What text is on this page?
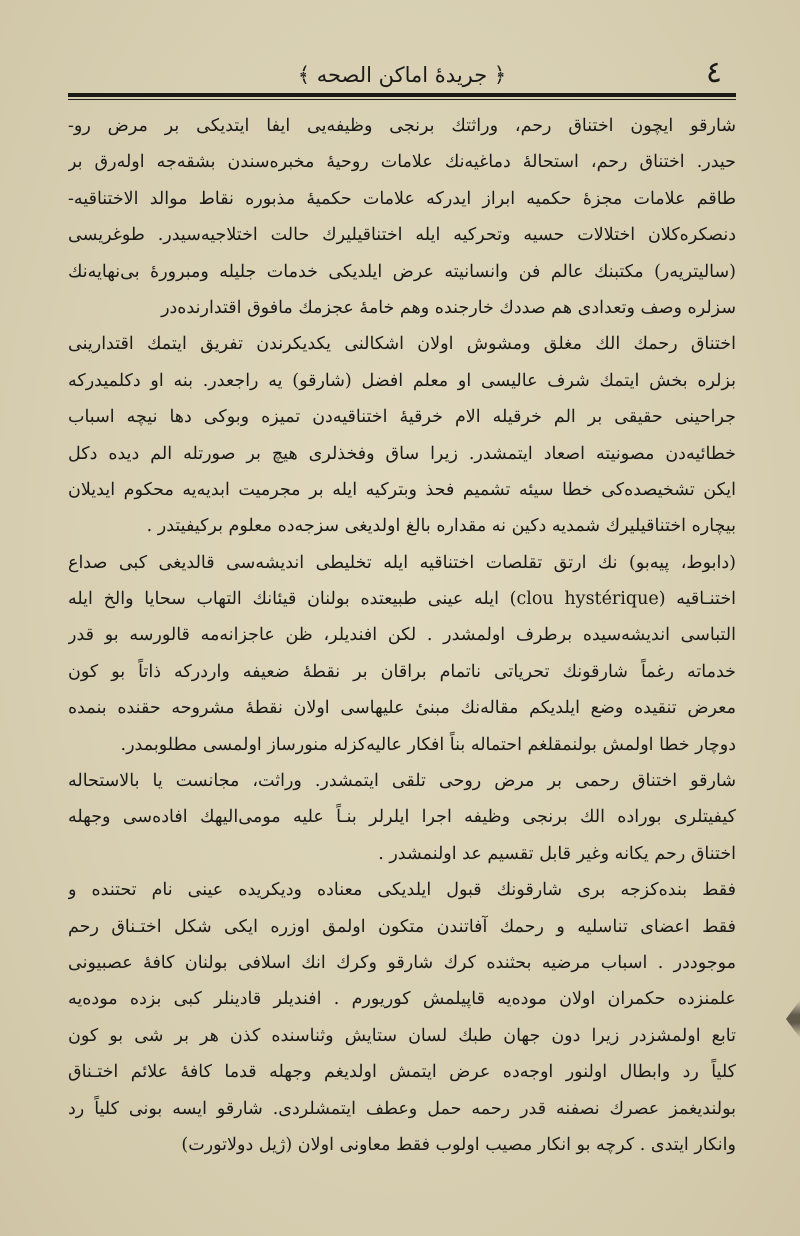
﴿ جريدهٔ اماكن الصحه ﴾	٤
شارقو ايچون اختناق رحم، وراثتك برنجى وظيفه‌يى ايفا ايتديكى بر مرض رو-
حيدر. اختناق رحم، استحالهٔ دماغيه‌نك علامات روحيهٔ مخبره‌سندن بشقه‌جه اوله‌رق بر
طاقم علامات مجزهٔ حكميه ابراز ايدركه علامات حكميهٔ مذبوره نقاط موالد الاختناقيه-
دنصكره‌كلان اختلالات حسيه وتحركيه ايله اختناقيليرك حالت اختلاجيه‌سيدر. طوغريسى
(ساليتريه‌ر) مكتبنك عالم فن وانسانيته عرض ايلديكى خدمات جليله ومبرورهٔ بى‌نهايه‌نك
سزلره وصف وتعدادى هم صددك خارجنده وهم خامهٔ عجزمك مافوق اقتدارنده‌در
اختناق رحمك الك مغلق ومشوش اولان اشكالنى يكديكرندن تفريق ايتمك اقتدارينى
بزلره بخش ايتمك شرف عاليسى او معلم افضل (شارقو) يه راجعدر. بنه او دكلميدركه
جراحينى حقيقى بر الم خرقيله الام خرقيهٔ اختناقيه‌دن تميزه وبوكى دها نيچه اسباب
خطائيه‌دن مصونيته اصعاد ايتمشدر. زيرا ساق وفخذلرى هيچ بر صورتله الم ديده دكل
ايكن تشخيصده‌كى خطا سيئه تشميم فحذ وبتركيه ايله بر مجرميت ابديه‌يه محكوم ايديلان
بيچاره اختناقيليرك شمديه دكين نه مقداره بالغ اولديغى سزجه‌ده معلوم بركيفيتدر .
(دا‌بوط، پيه‌بو) نك ارتق تقلصات اختناقيه ايله تخليطى انديشه‌سى قالديغى كبى صداع
اختنـاقيه (clou hystérique) ايله عينى طبيعتده بولنان قيئانك التهاب سحايا والخ ايله
التباسى انديشه‌سيده برطرف اولمشدر . لكن افنديلر، ظن عاجزانه‌مه قالورسه بو قدر
خدماته رغماً شارقونك تحرياتى ناتمام براقان بر نقطهٔ ضعيفه واردركه ذاتاً بو كون
معرض تنقيده وضع ايلديكم مقاله‌نك مبنىٔ عليهاسى اولان نقطهٔ مشروحه حقنده بنمده
دوچار خطا اولمش بولنمقلغم احتماله بناً افكار عاليه‌كزله منورساز اولمسى مطلوبمدر.
شارقو اختناق رحمى بر مرض روحى تلقى ايتمشدر. وراثت، مجانست يا بالاستحاله
كيفيتلرى بوراده الك برنجى وظيفه اجرا ايلرلر بنـاً عليه مومى‌اليهك افاده‌سى وجهله
اختناق رحم يكانه وغير قابل تقسيم عد اولنمشدر .
فقط بنده‌كزجه برى شارقونك قبول ايلديكى معناده وديكريده عينى نام تحتنده و
فقط اعضاى تناسليه و رحمك آفاتندن متكون اولمق اوزره ايكى شكل اختـناق رحم
موجوددر . اسباب مرضيه بحثنده كرك شارقو وكرك انك اسلافى بولنان كافهٔ عصبيونى
علمنزده حكمران اولان موده‌يه قاپيلمش كوريورم . افنديلر قادينلر كبى بزده موده‌يه
تابع اولمشزدر زيرا دون جهان طبك لسان ستايش وثناسنده كذن هر بر شى بو كون
كلياً رد وابطال اولنور اوجه‌ده عرض ايتمش اولديغم وجهله قدما كافهٔ علائم اختـناق
بولنديغمز عصرك نصفنه قدر رحمه حمل وعطف ايتمشلردى. شارقو ايسه بونى كلياً رد
وانكار ايتدى . كرچه بو انكار مصيب اولوب فقط معاونى اولان (ژيل دولاتورت)
